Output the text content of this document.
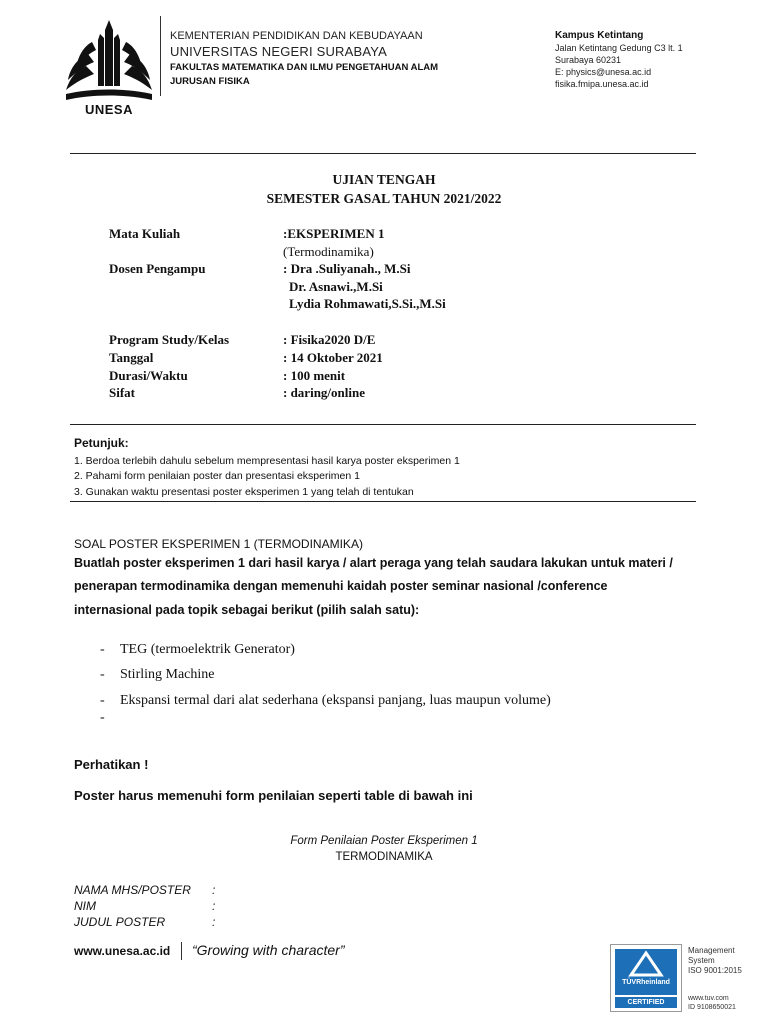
UNESA
KEMENTERIAN PENDIDIKAN DAN KEBUDAYAAN
UNIVERSITAS NEGERI SURABAYA
FAKULTAS MATEMATIKA DAN ILMU PENGETAHUAN ALAM
JURUSAN FISIKA
Kampus Ketintang
Jalan Ketintang Gedung C3 lt. 1
Surabaya 60231
E: physics@unesa.ac.id
fisika.fmipa.unesa.ac.id
UJIAN TENGAH
SEMESTER GASAL TAHUN 2021/2022
Mata Kuliah	:EKSPERIMEN 1
(Termodinamika)
Dosen Pengampu	: Dra .Suliyanah., M.Si
Dr. Asnawi.,M.Si
Lydia Rohmawati,S.Si.,M.Si
Program Study/Kelas	: Fisika2020 D/E
Tanggal	: 14 Oktober 2021
Durasi/Waktu	: 100 menit
Sifat	: daring/online
Petunjuk:
1. Berdoa terlebih dahulu sebelum mempresentasi hasil karya poster eksperimen 1
2. Pahami form penilaian poster dan presentasi eksperimen 1
3. Gunakan waktu presentasi poster eksperimen 1 yang telah di tentukan
SOAL POSTER EKSPERIMEN 1 (TERMODINAMIKA)
Buatlah poster eksperimen 1 dari hasil karya / alart peraga yang telah saudara lakukan untuk materi /
penerapan termodinamika dengan memenuhi kaidah poster seminar nasional /conference
internasional pada topik sebagai berikut (pilih salah satu):
- TEG (termoelektrik Generator)
- Stirling Machine
- Ekspansi termal dari alat sederhana (ekspansi panjang, luas maupun volume)
-
Perhatikan !
Poster harus memenuhi form penilaian seperti table di bawah ini
Form Penilaian Poster Eksperimen 1
TERMODINAMIKA
NAMA MHS/POSTER :
NIM	:
JUDUL POSTER	:
www.unesa.ac.id “Growing with character”
TÜVRheinland
CERTIFIED
Management
System
ISO 9001:2015
www.tuv.com
ID 9108650021
